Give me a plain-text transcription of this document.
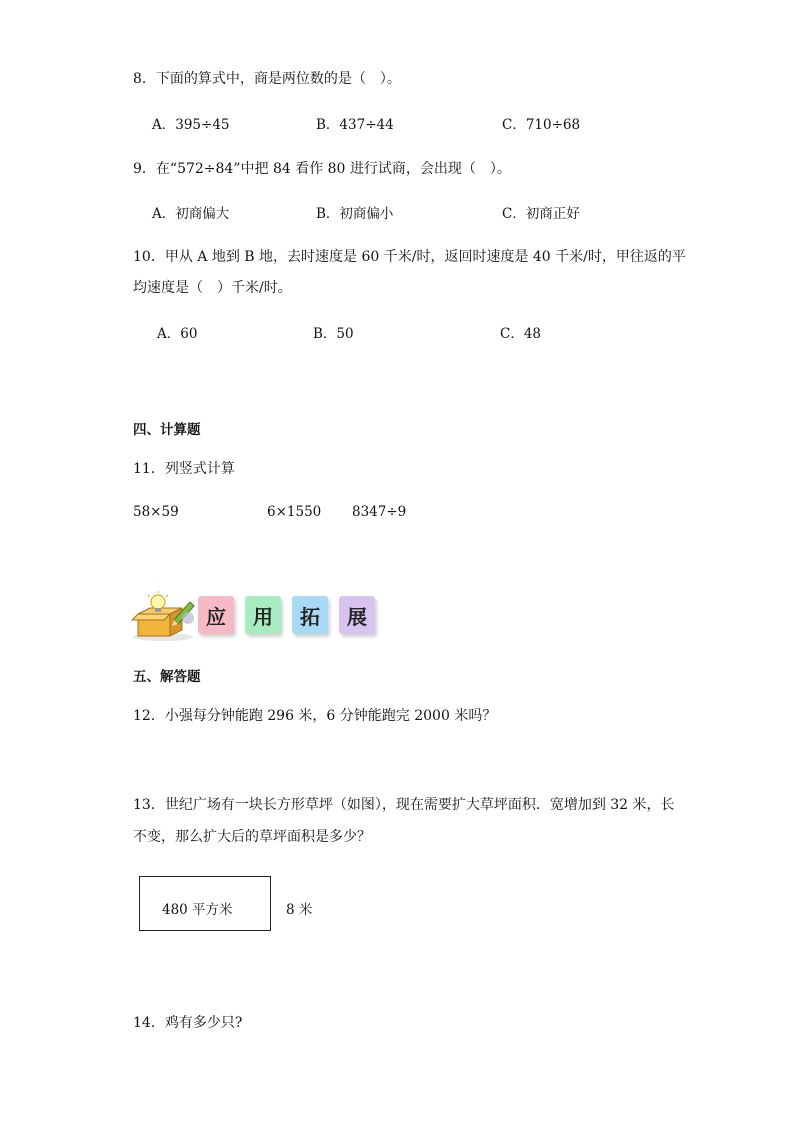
8．下面的算式中，商是两位数的是（　）。
A．395÷45	B．437÷44	C．710÷68
9．在“572÷84”中把 84 看作 80 进行试商，会出现（　）。
A．初商偏大	B．初商偏小	C．初商正好
10．甲从 A 地到 B 地，去时速度是 60 千米/时，返回时速度是 40 千米/时，甲往返的平
均速度是（　）千米/时。
A．60	B．50	C．48
四、计算题
11．列竖式计算
58×59	6×1550 8347÷9
应	用	拓	展
五、解答题
12．小强每分钟能跑 296 米，6 分钟能跑完 2000 米吗？
13．世纪广场有一块长方形草坪（如图），现在需要扩大草坪面积．宽增加到 32 米，长
不变，那么扩大后的草坪面积是多少？
480 平方米	8 米
14．鸡有多少只?
